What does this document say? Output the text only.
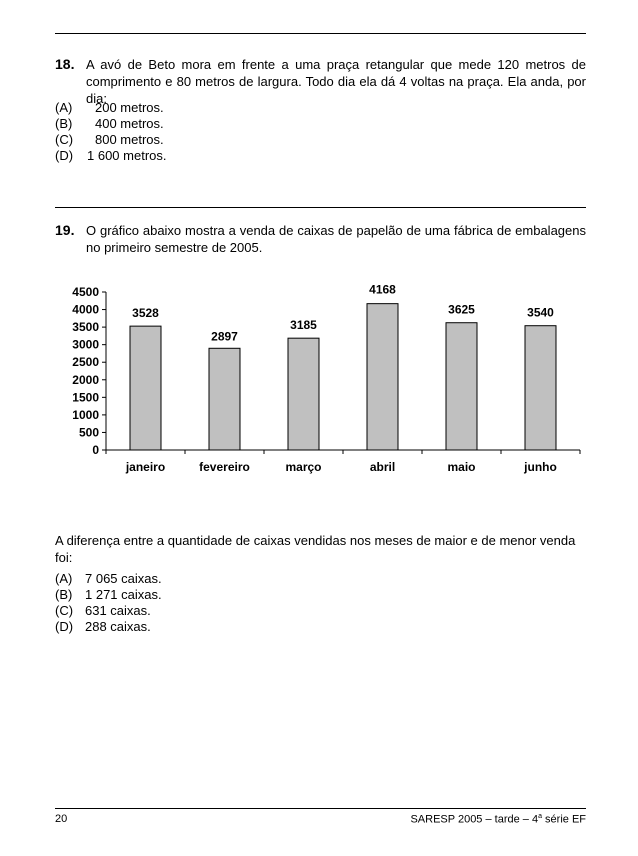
18. A avó de Beto mora em frente a uma praça retangular que mede 120 metros de comprimento e 80 metros de largura. Todo dia ela dá 4 voltas na praça. Ela anda, por dia:
(A) 200 metros.
(B) 400 metros.
(C) 800 metros.
(D) 1 600 metros.
19. O gráfico abaixo mostra a venda de caixas de papelão de uma fábrica de embalagens no primeiro semestre de 2005.
0
500
1000
1500
2000
2500
3000
3500
4000
4500
3528
janeiro
2897
fevereiro
3185
março
4168
abril
3625
maio
3540
junho
A diferença entre a quantidade de caixas vendidas nos meses de maior e de menor venda foi:
(A) 7 065 caixas.
(B) 1 271 caixas.
(C) 631 caixas.
(D) 288 caixas.
20	SARESP 2005 – tarde – 4$^a$ série EF
